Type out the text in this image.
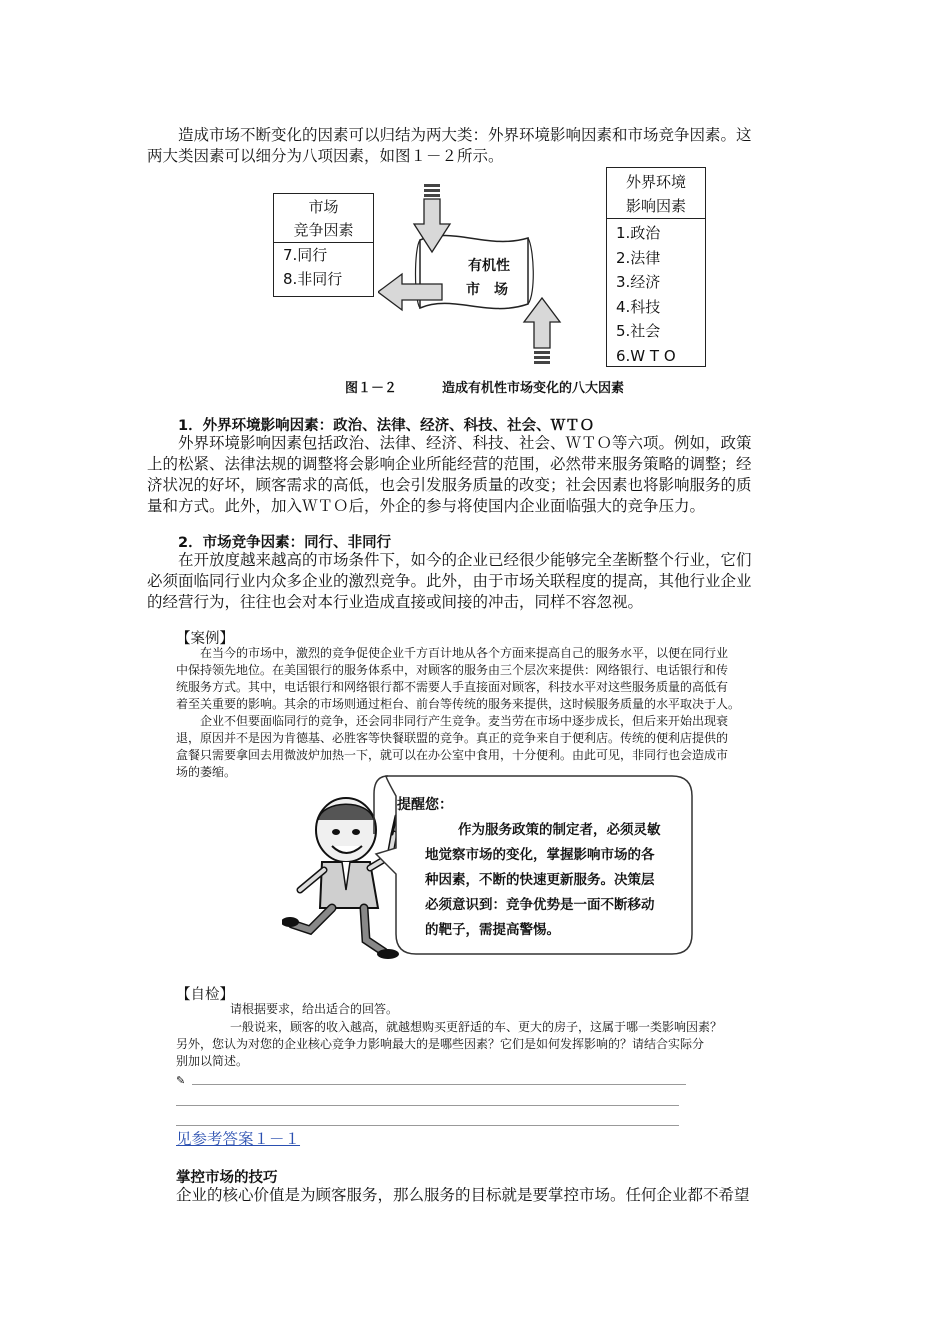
造成市场不断变化的因素可以归结为两大类：外界环境影响因素和市场竞争因素。这
两大类因素可以细分为八项因素，如图１－２所示。
市场
竞争因素
7.同行
8.非同行
外界环境
影响因素
1.政治
2.法律
3.经济
4.科技
5.社会
6.W T O
有机性
市　场
图１－２	造成有机性市场变化的八大因素
1．外界环境影响因素：政治、法律、经济、科技、社会、ＷＴＯ
外界环境影响因素包括政治、法律、经济、科技、社会、ＷＴＯ等六项。例如，政策
上的松紧、法律法规的调整将会影响企业所能经营的范围，必然带来服务策略的调整；经
济状况的好坏，顾客需求的高低，也会引发服务质量的改变；社会因素也将影响服务的质
量和方式。此外，加入ＷＴＯ后，外企的参与将使国内企业面临强大的竞争压力。
2．市场竞争因素：同行、非同行
在开放度越来越高的市场条件下，如今的企业已经很少能够完全垄断整个行业，它们
必须面临同行业内众多企业的激烈竞争。此外，由于市场关联程度的提高，其他行业企业
的经营行为，往往也会对本行业造成直接或间接的冲击，同样不容忽视。
【案例】
在当今的市场中，激烈的竞争促使企业千方百计地从各个方面来提高自己的服务水平，以便在同行业
中保持领先地位。在美国银行的服务体系中，对顾客的服务由三个层次来提供：网络银行、电话银行和传
统服务方式。其中，电话银行和网络银行都不需要人手直接面对顾客，科技水平对这些服务质量的高低有
着至关重要的影响。其余的市场则通过柜台、前台等传统的服务来提供，这时候服务质量的水平取决于人。
企业不但要面临同行的竞争，还会同非同行产生竞争。麦当劳在市场中逐步成长，但后来开始出现衰
退，原因并不是因为肯德基、必胜客等快餐联盟的竞争。真正的竞争来自于便利店。传统的便利店提供的
盒餐只需要拿回去用微波炉加热一下，就可以在办公室中食用，十分便利。由此可见，非同行也会造成市
场的萎缩。
提醒您：
作为服务政策的制定者，必须灵敏
地觉察市场的变化，掌握影响市场的各
种因素，不断的快速更新服务。决策层
必须意识到：竞争优势是一面不断移动
的靶子，需提高警惕。
【自检】
请根据要求，给出适合的回答。
一般说来，顾客的收入越高，就越想购买更舒适的车、更大的房子，这属于哪一类影响因素？
另外，您认为对您的企业核心竞争力影响最大的是哪些因素？它们是如何发挥影响的？请结合实际分
别加以简述。
✎
见参考答案１－１
掌控市场的技巧
企业的核心价值是为顾客服务，那么服务的目标就是要掌控市场。任何企业都不希望
